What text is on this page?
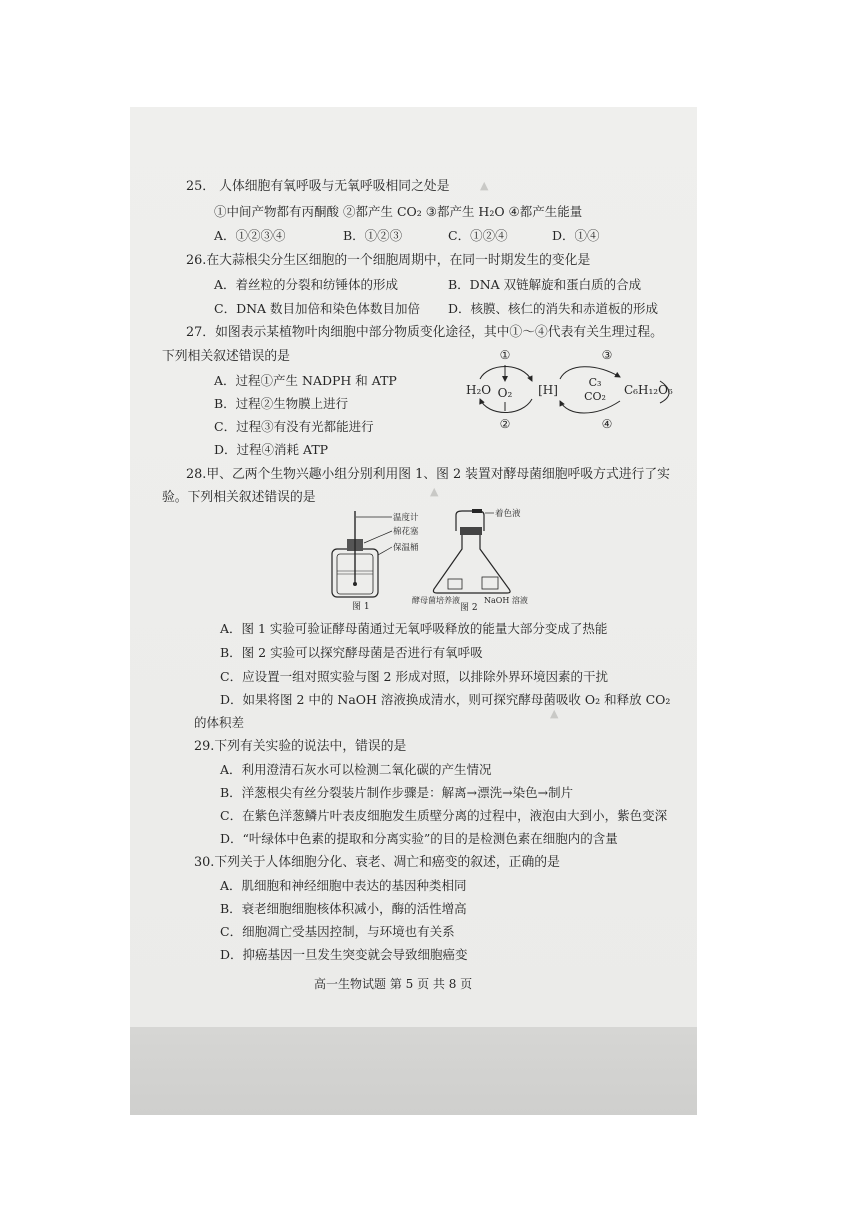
▲
▲
▲
25． 人体细胞有氧呼吸与无氧呼吸相同之处是
①中间产物都有丙酮酸 ②都产生 CO₂ ③都产生 H₂O ④都产生能量
A．①②③④	B．①②③	C．①②④	D．①④
26.在大蒜根尖分生区细胞的一个细胞周期中，在同一时期发生的变化是
A．着丝粒的分裂和纺锤体的形成	B．DNA 双链解旋和蛋白质的合成
C．DNA 数目加倍和染色体数目加倍 D．核膜、核仁的消失和赤道板的形成
27．如图表示某植物叶肉细胞中部分物质变化途径，其中①～④代表有关生理过程。
下列相关叙述错误的是
A．过程①产生 NADPH 和 ATP
B．过程②生物膜上进行
C．过程③有没有光都能进行
D．过程④消耗 ATP
①
②
③
④
H₂O O₂ [H]
C₃
CO₂ C₆H₁₂O₆
28.甲、乙两个生物兴趣小组分别利用图 1、图 2 装置对酵母菌细胞呼吸方式进行了实
验。下列相关叙述错误的是
温度计
棉花塞
保温桶
图 1
着色液
酵母菌培养液	NaOH 溶液
图 2
A．图 1 实验可验证酵母菌通过无氧呼吸释放的能量大部分变成了热能
B．图 2 实验可以探究酵母菌是否进行有氧呼吸
C．应设置一组对照实验与图 2 形成对照，以排除外界环境因素的干扰
D．如果将图 2 中的 NaOH 溶液换成清水，则可探究酵母菌吸收 O₂ 和释放 CO₂
的体积差
29.下列有关实验的说法中，错误的是
A．利用澄清石灰水可以检测二氧化碳的产生情况
B．洋葱根尖有丝分裂装片制作步骤是：解离→漂洗→染色→制片
C．在紫色洋葱鳞片叶表皮细胞发生质壁分离的过程中，液泡由大到小，紫色变深
D．“叶绿体中色素的提取和分离实验”的目的是检测色素在细胞内的含量
30.下列关于人体细胞分化、衰老、凋亡和癌变的叙述，正确的是
A．肌细胞和神经细胞中表达的基因种类相同
B．衰老细胞细胞核体积减小，酶的活性增高
C．细胞凋亡受基因控制，与环境也有关系
D．抑癌基因一旦发生突变就会导致细胞癌变
高一生物试题 第 5 页 共 8 页
